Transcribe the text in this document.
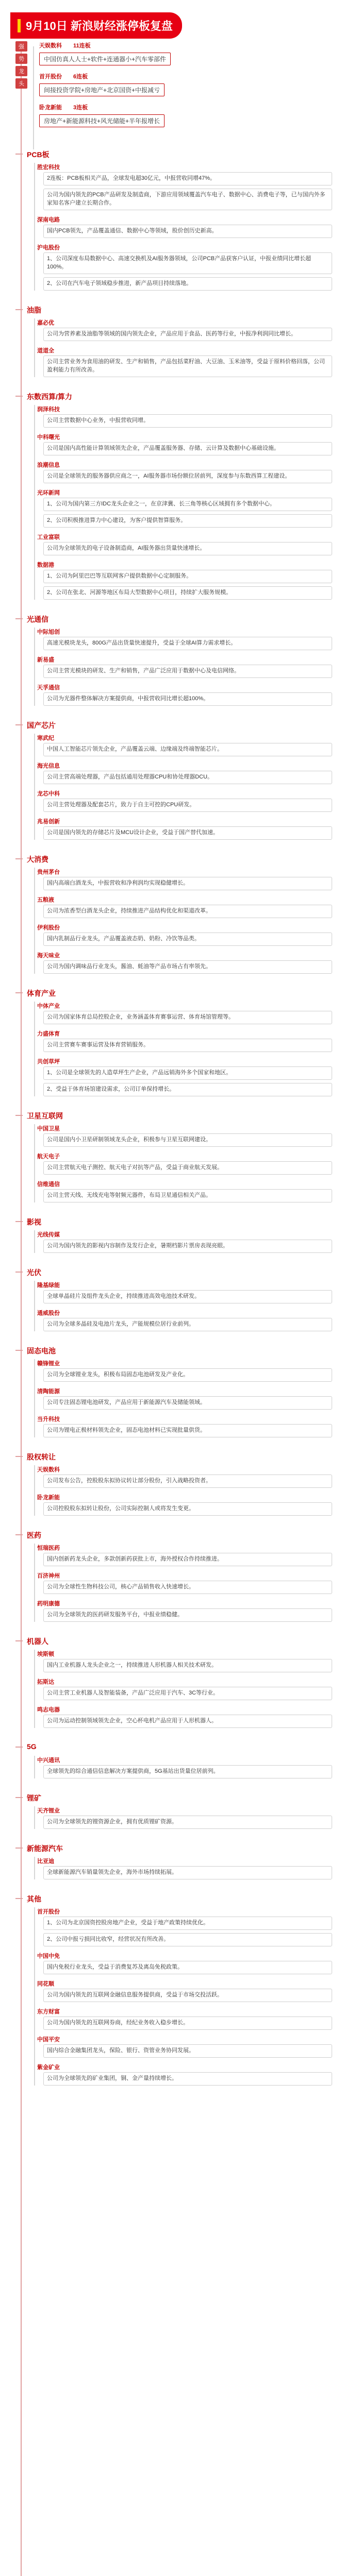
9月10日 新浪财经涨停板复盘
强
势
龙
头
天娱数科 11连板
中国仿真人人士+软件+连通器小+汽车零部件
首开股份 6连板
间接投资学院+房地产+北京国资+中报减亏
卧龙新能 3连板
房地产+新能源科技+风光储能+半年报增长
PCB板
胜宏科技
2连板：PCB板相关产品，全球发电超30亿元，中报营收同增47%。
公司为国内领先的PCB产品研发及制造商，下游应用领域覆盖汽车电子、数据中心、消费电子等，已与国内外多家知名客户建立长期合作。
深南电路
国内PCB领先，产品覆盖通信、数据中心等领域，股价创历史新高。
沪电股份
1、公司深度布局数据中心、高速交换机及AI服务器领域，公司PCB产品获客户认证，中报业绩同比增长超100%。
2、公司在汽车电子领域稳步推进，新产品项目持续落地。
油脂
嘉必优
公司为营养素及油脂等领域的国内领先企业，产品应用于食品、医药等行业，中报净利润同比增长。
道道全
公司主营业务为食用油的研发、生产和销售，产品包括菜籽油、大豆油、玉米油等，受益于原料价格回落，公司盈利能力有所改善。
东数西算/算力
润泽科技
公司主营数据中心业务，中报营收同增。
中科曙光
公司是国内高性能计算领域领先企业，产品覆盖服务器、存储、云计算及数据中心基础设施。
浪潮信息
公司是全球领先的服务器供应商之一，AI服务器市场份额位居前列，深度参与东数西算工程建设。
光环新网
1、公司为国内第三方IDC龙头企业之一，在京津冀、长三角等核心区域拥有多个数据中心。
2、公司积极推进算力中心建设，为客户提供智算服务。
工业富联
公司为全球领先的电子设备制造商，AI服务器出货量快速增长。
数据港
1、公司为阿里巴巴等互联网客户提供数据中心定制服务。
2、公司在张北、河源等地区布局大型数据中心项目，持续扩大服务规模。
光通信
中际旭创
高速光模块龙头，800G产品出货量快速提升，受益于全球AI算力需求增长。
新易盛
公司主营光模块的研发、生产和销售，产品广泛应用于数据中心及电信网络。
天孚通信
公司为光器件整体解决方案提供商，中报营收同比增长超100%。
国产芯片
寒武纪
中国人工智能芯片领先企业，产品覆盖云端、边缘端及终端智能芯片。
海光信息
公司主营高端处理器，产品包括通用处理器CPU和协处理器DCU。
龙芯中科
公司主营处理器及配套芯片，致力于自主可控的CPU研发。
兆易创新
公司是国内领先的存储芯片及MCU设计企业，受益于国产替代加速。
大消费
贵州茅台
国内高端白酒龙头，中报营收和净利润均实现稳健增长。
五粮液
公司为浓香型白酒龙头企业，持续推进产品结构优化和渠道改革。
伊利股份
国内乳制品行业龙头，产品覆盖液态奶、奶粉、冷饮等品类。
海天味业
公司为国内调味品行业龙头，酱油、蚝油等产品市场占有率领先。
体育产业
中体产业
公司为国家体育总局控股企业，业务涵盖体育赛事运营、体育场馆管理等。
力盛体育
公司主营赛车赛事运营及体育营销服务。
共创草坪
1、公司是全球领先的人造草坪生产企业，产品远销海外多个国家和地区。
2、受益于体育场馆建设需求，公司订单保持增长。
卫星互联网
中国卫星
公司是国内小卫星研制领域龙头企业，积极参与卫星互联网建设。
航天电子
公司主营航天电子测控、航天电子对抗等产品，受益于商业航天发展。
信维通信
公司主营天线、无线充电等射频元器件，布局卫星通信相关产品。
影视
光线传媒
公司为国内领先的影视内容制作及发行企业，暑期档影片票房表现亮眼。
光伏
隆基绿能
全球单晶硅片及组件龙头企业，持续推进高效电池技术研发。
通威股份
公司为全球多晶硅及电池片龙头，产能规模位居行业前列。
固态电池
赣锋锂业
公司为全球锂业龙头，积极布局固态电池研发及产业化。
清陶能源
公司专注固态锂电池研发，产品应用于新能源汽车及储能领域。
当升科技
公司为锂电正极材料领先企业，固态电池材料已实现批量供货。
股权转让
天娱数科
公司发布公告，控股股东拟协议转让部分股份，引入战略投资者。
卧龙新能
公司控股股东拟转让股份，公司实际控制人或将发生变更。
医药
恒瑞医药
国内创新药龙头企业，多款创新药获批上市，海外授权合作持续推进。
百济神州
公司为全球性生物科技公司，核心产品销售收入快速增长。
药明康德
公司为全球领先的医药研发服务平台，中报业绩稳健。
机器人
埃斯顿
国内工业机器人龙头企业之一，持续推进人形机器人相关技术研发。
拓斯达
公司主营工业机器人及智能装备，产品广泛应用于汽车、3C等行业。
鸣志电器
公司为运动控制领域领先企业，空心杯电机产品应用于人形机器人。
5G
中兴通讯
全球领先的综合通信信息解决方案提供商，5G基站出货量位居前列。
锂矿
天齐锂业
公司为全球领先的锂资源企业，拥有优质锂矿资源。
新能源汽车
比亚迪
全球新能源汽车销量领先企业，海外市场持续拓展。
其他
首开股份
1、公司为北京国资控股房地产企业，受益于地产政策持续优化。
2、公司中报亏损同比收窄，经营状况有所改善。
中国中免
国内免税行业龙头，受益于消费复苏及离岛免税政策。
同花顺
公司为国内领先的互联网金融信息服务提供商，受益于市场交投活跃。
东方财富
公司为国内领先的互联网券商，经纪业务收入稳步增长。
中国平安
国内综合金融集团龙头，保险、银行、资管业务协同发展。
紫金矿业
公司为全球领先的矿业集团，铜、金产量持续增长。
